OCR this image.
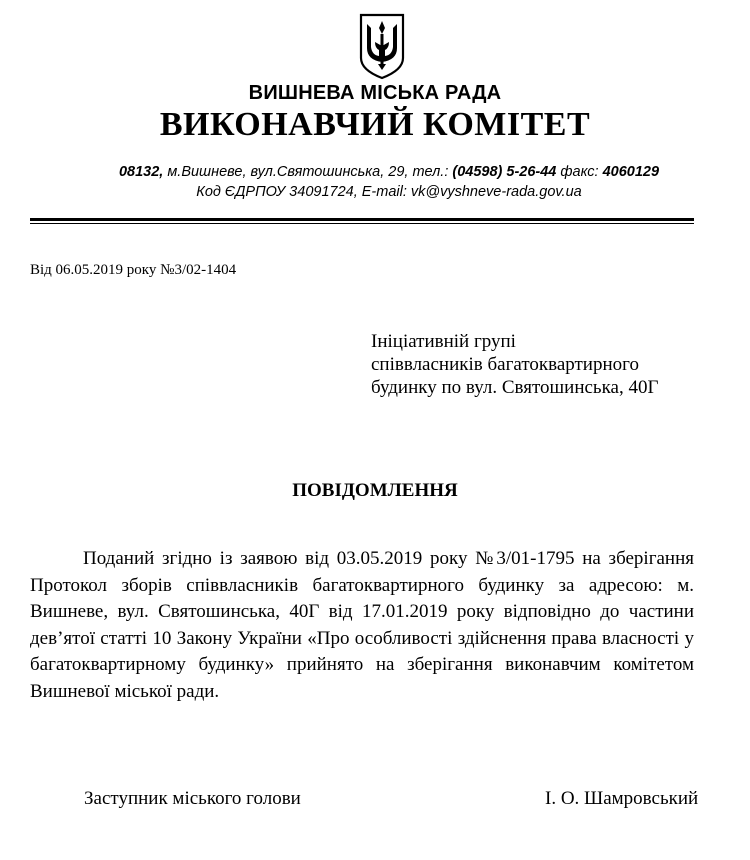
ВИШНЕВА МІСЬКА РАДА
ВИКОНАВЧИЙ КОМІТЕТ
08132, м.Вишневе, вул.Святошинська, 29, тел.: (04598) 5-26-44 факс: 4060129
Код ЄДРПОУ 34091724, E-mail: vk@vyshneve-rada.gov.ua
Від 06.05.2019 року №3/02-1404
Ініціативній групі
співвласників багатоквартирного
будинку по вул. Святошинська, 40Г
ПОВІДОМЛЕННЯ
Поданий згідно із заявою від 03.05.2019 року №3/01-1795 на зберігання Протокол зборів співвласників багатоквартирного будинку за адресою: м. Вишневе, вул. Святошинська, 40Г від 17.01.2019 року відповідно до частини дев’ятої статті 10 Закону України «Про особливості здійснення права власності у багатоквартирному будинку» прийнято на зберігання виконавчим комітетом Вишневої міської ради.
Заступник міського голови	І. О. Шамровський
